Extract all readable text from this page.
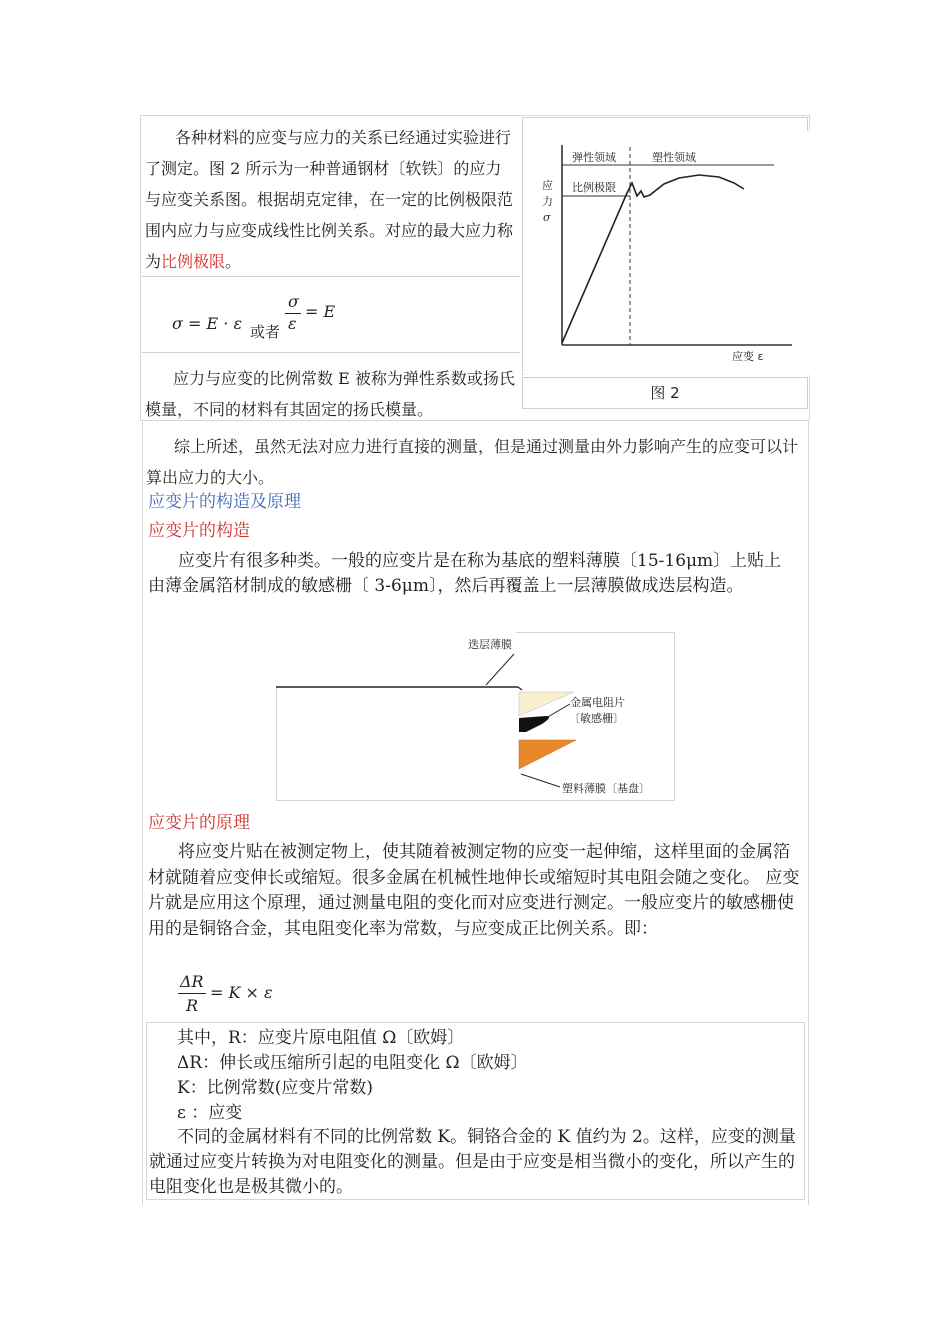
各种材料的应变与应力的关系已经通过实验进行了测定。图 2 所示为一种普通钢材〔软铁〕的应力与应变关系图。根据胡克定律，在一定的比例极限范围内应力与应变成线性比例关系。对应的最大应力称为比例极限。

σ = E · ε 或者
σ
ε
= E

应力与应变的比例常数 E 被称为弹性系数或扬氏模量，不同的材料有其固定的扬氏模量。

弹性领域	塑性领域
比例极限
应
力
σ
应变 ε
图 2

综上所述，虽然无法对应力进行直接的测量，但是通过测量由外力影响产生的应变可以计算出应力的大小。

应变片的构造及原理

应变片的构造

应变片有很多种类。一般的应变片是在称为基底的塑料薄膜〔15-16μm〕上贴上由薄金属箔材制成的敏感栅〔 3-6μm〕，然后再覆盖上一层薄膜做成迭层构造。

迭层薄膜
金属电阻片
〔敏感栅〕
塑料薄膜〔基盘〕

应变片的原理

将应变片贴在被测定物上，使其随着被测定物的应变一起伸缩，这样里面的金属箔材就随着应变伸长或缩短。很多金属在机械性地伸长或缩短时其电阻会随之变化。 应变片就是应用这个原理，通过测量电阻的变化而对应变进行测定。一般应变片的敏感栅使用的是铜铬合金，其电阻变化率为常数，与应变成正比例关系。即：

ΔR
R
= K × ε

其中，R：应变片原电阻值 Ω〔欧姆〕

ΔR：伸长或压缩所引起的电阻变化 Ω〔欧姆〕

K：比例常数(应变片常数)

ε ：应变

不同的金属材料有不同的比例常数 K。铜铬合金的 K 值约为 2。这样，应变的测量就通过应变片转换为对电阻变化的测量。但是由于应变是相当微小的变化，所以产生的电阻变化也是极其微小的。
